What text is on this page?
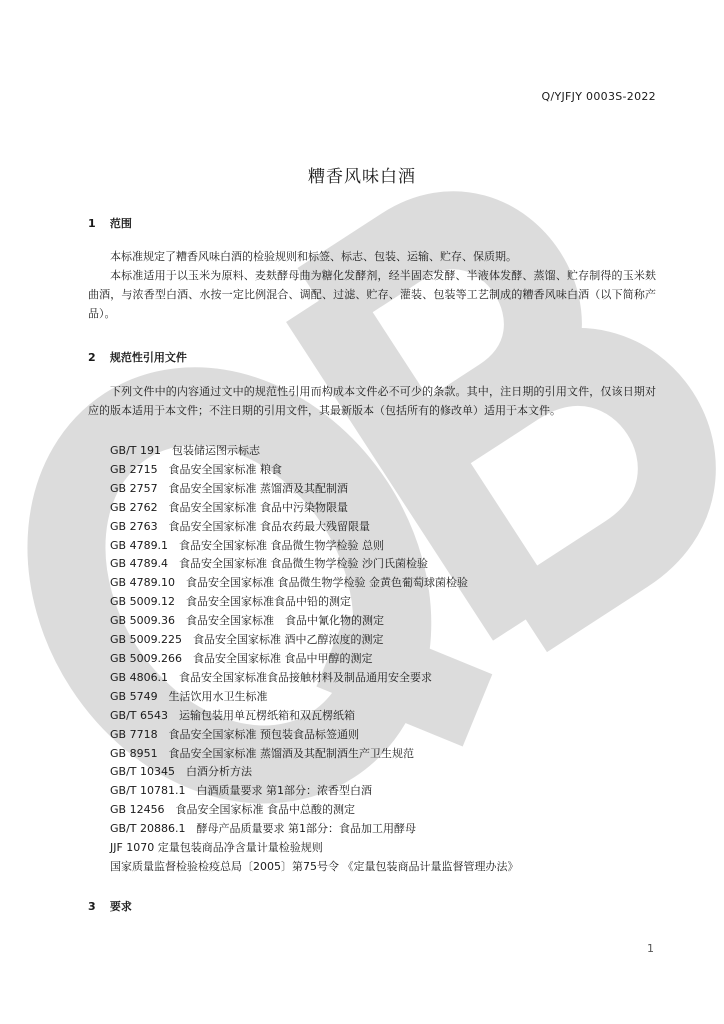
Q/YJFJY 0003S-2022
糟香风味白酒
1 范围

本标准规定了糟香风味白酒的检验规则和标签、标志、包装、运输、贮存、保质期。

本标准适用于以玉米为原料、麦麸酵母曲为糖化发酵剂，经半固态发酵、半液体发酵、蒸馏、贮存制得的玉米麸曲酒，与浓香型白酒、水按一定比例混合、调配、过滤、贮存、灌装、包装等工艺制成的糟香风味白酒（以下简称产品）。

2 规范性引用文件

下列文件中的内容通过文中的规范性引用而构成本文件必不可少的条款。其中，注日期的引用文件，仅该日期对应的版本适用于本文件；不注日期的引用文件，其最新版本（包括所有的修改单）适用于本文件。

GB/T 191　包装储运图示标志
GB 2715　食品安全国家标准 粮食
GB 2757　食品安全国家标准 蒸馏酒及其配制酒
GB 2762　食品安全国家标准 食品中污染物限量
GB 2763　食品安全国家标准 食品农药最大残留限量
GB 4789.1　食品安全国家标准 食品微生物学检验 总则
GB 4789.4　食品安全国家标准 食品微生物学检验 沙门氏菌检验
GB 4789.10　食品安全国家标准 食品微生物学检验 金黄色葡萄球菌检验
GB 5009.12　食品安全国家标准食品中铅的测定
GB 5009.36　食品安全国家标准　食品中氰化物的测定
GB 5009.225　食品安全国家标准 酒中乙醇浓度的测定
GB 5009.266　食品安全国家标准 食品中甲醇的测定
GB 4806.1　食品安全国家标准食品接触材料及制品通用安全要求
GB 5749　生活饮用水卫生标准
GB/T 6543　运输包装用单瓦楞纸箱和双瓦楞纸箱
GB 7718　食品安全国家标准 预包装食品标签通则
GB 8951　食品安全国家标准 蒸馏酒及其配制酒生产卫生规范
GB/T 10345　白酒分析方法
GB/T 10781.1　白酒质量要求 第1部分：浓香型白酒
GB 12456　食品安全国家标准 食品中总酸的测定
GB/T 20886.1　酵母产品质量要求 第1部分：食品加工用酵母
JJF 1070 定量包装商品净含量计量检验规则
国家质量监督检验检疫总局〔2005〕第75号令 《定量包装商品计量监督管理办法》
3 要求
1
